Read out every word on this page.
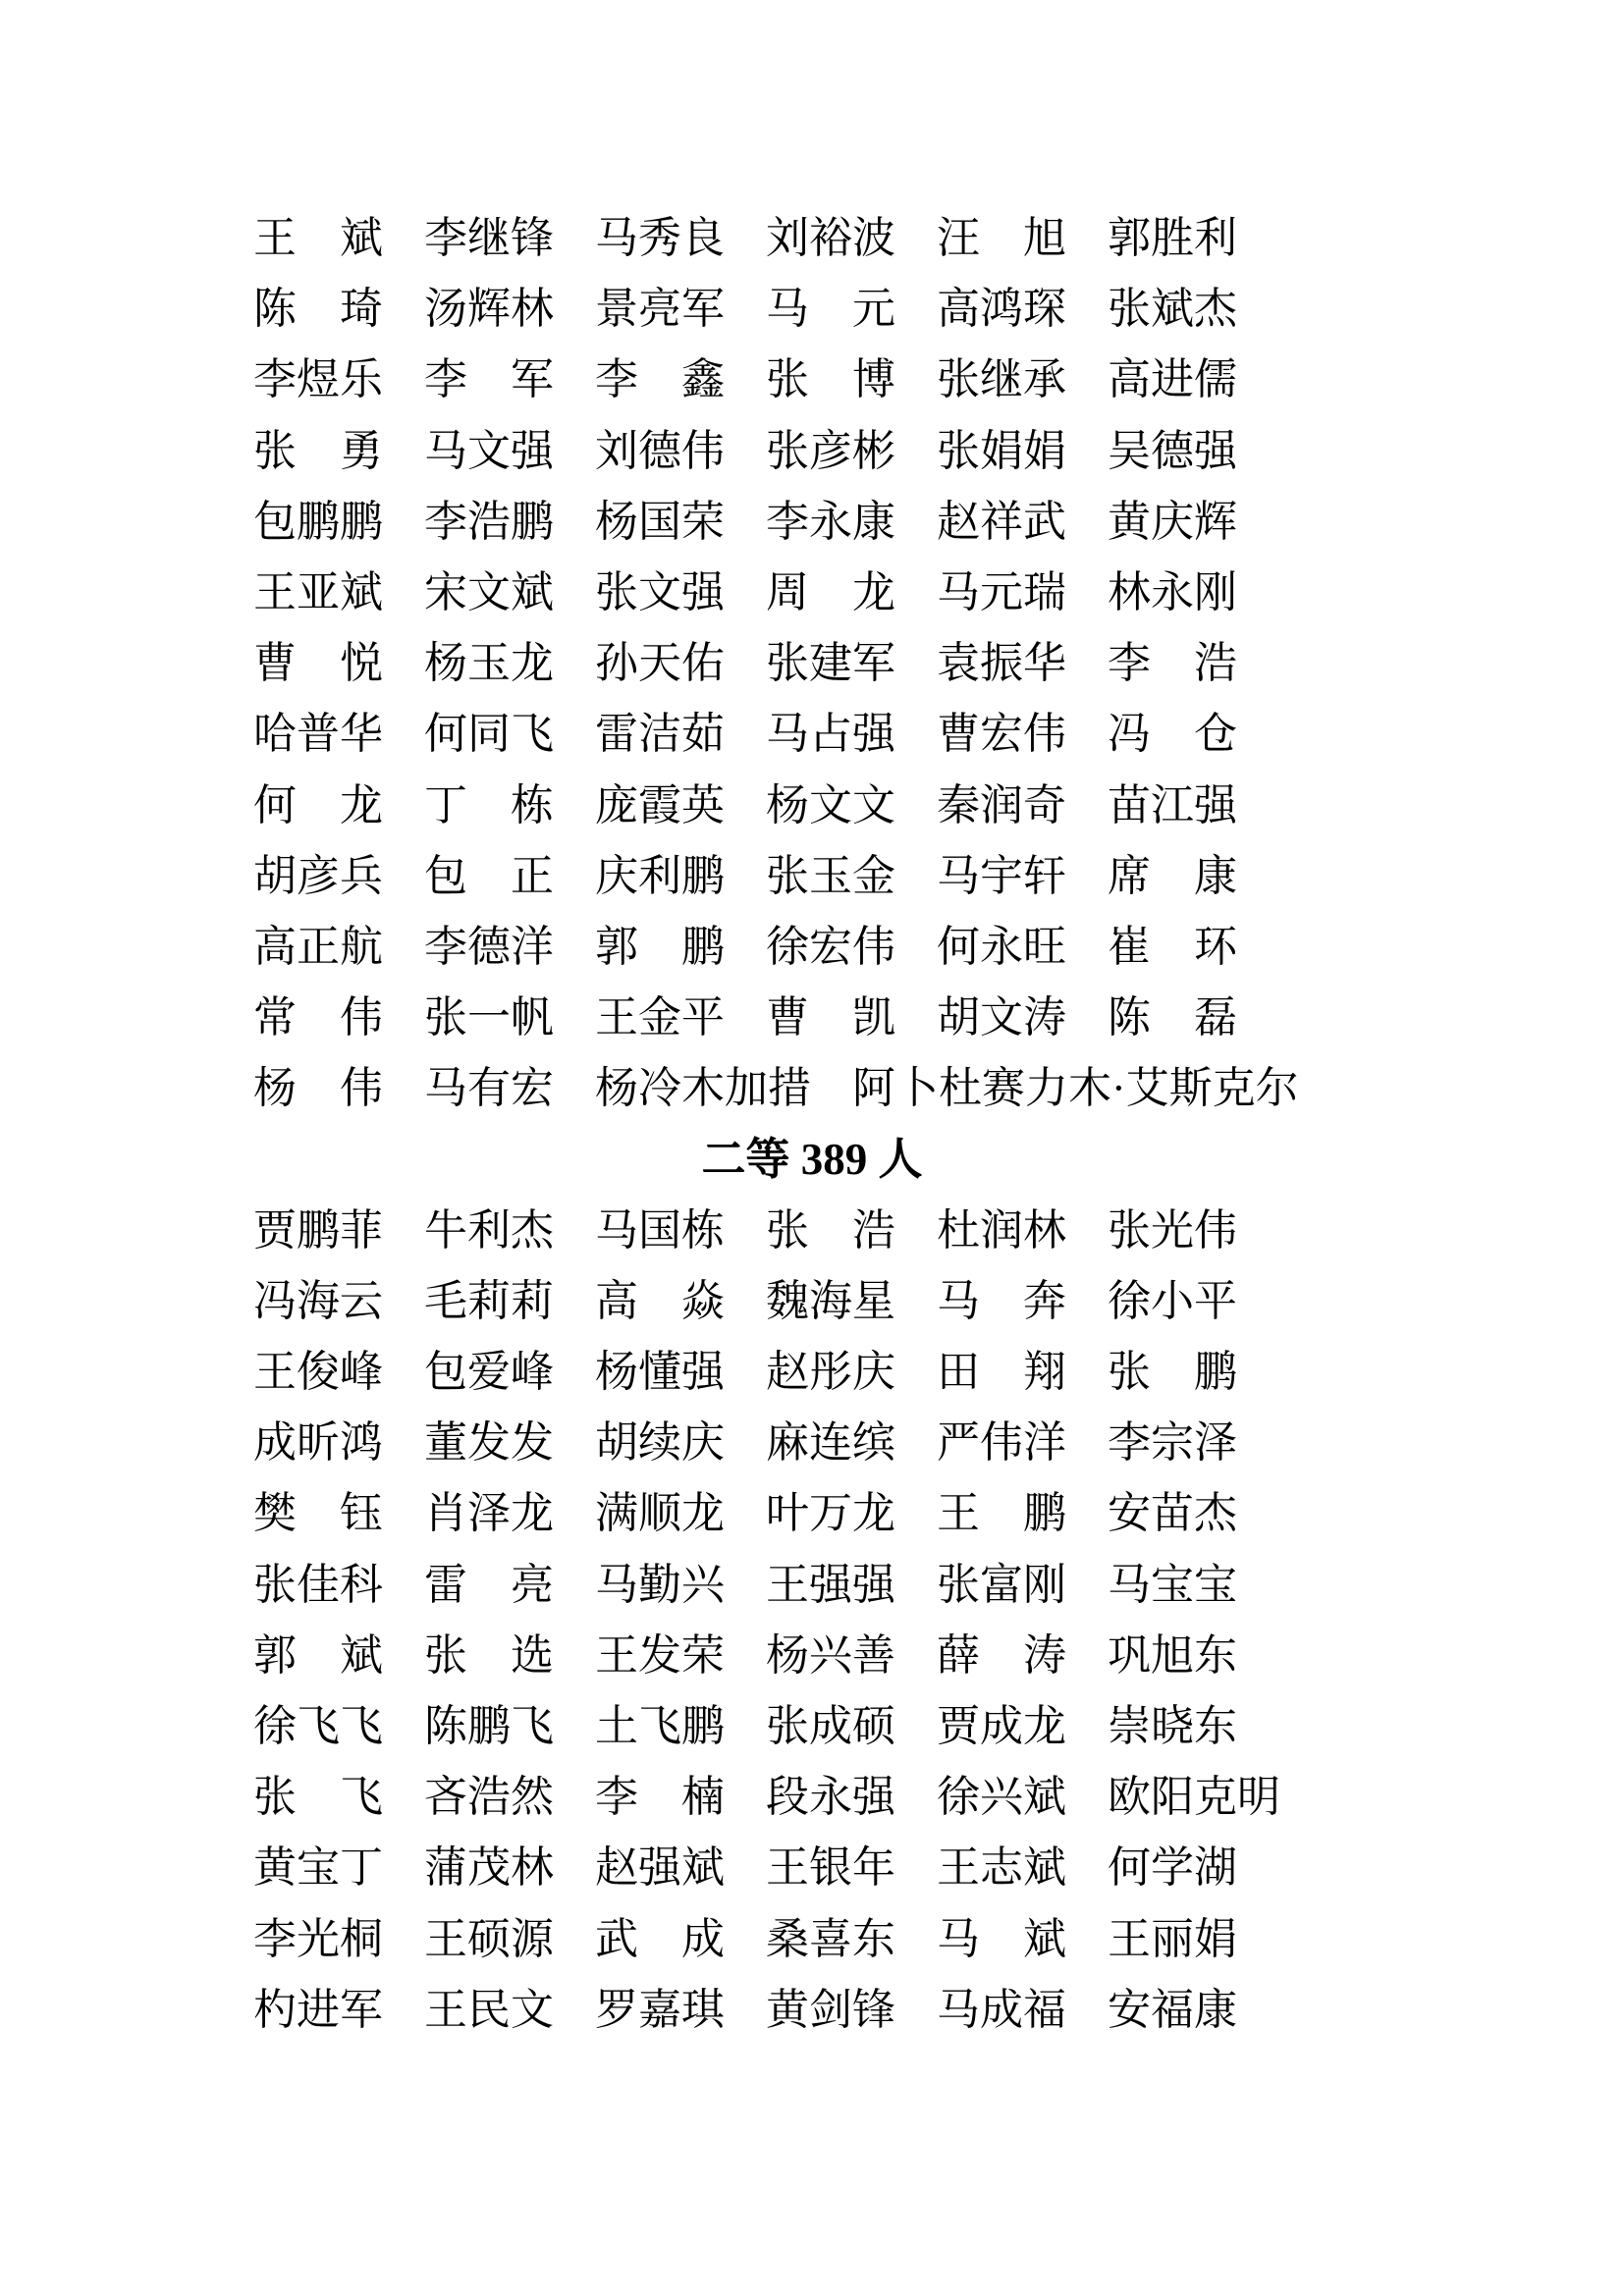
王 斌 李继锋 马秀良 刘裕波 汪 旭 郭胜利
陈 琦 汤辉林 景亮军 马 元 高鸿琛 张斌杰
李煜乐 李 军 李 鑫 张 博 张继承 高进儒
张 勇 马文强 刘德伟 张彦彬 张娟娟 吴德强
包鹏鹏 李浩鹏 杨国荣 李永康 赵祥武 黄庆辉
王亚斌 宋文斌 张文强 周 龙 马元瑞 林永刚
曹 悦 杨玉龙 孙天佑 张建军 袁振华 李 浩
哈普华 何同飞 雷洁茹 马占强 曹宏伟 冯 仓
何 龙 丁 栋 庞霞英 杨文文 秦润奇 苗江强
胡彦兵 包 正 庆利鹏 张玉金 马宇轩 席 康
高正航 李德洋 郭 鹏 徐宏伟 何永旺 崔 环
常 伟 张一帆 王金平 曹 凯 胡文涛 陈 磊
杨 伟 马有宏 杨冷木加措 阿卜杜赛力木·艾斯克尔
二等 389 人
贾鹏菲 牛利杰 马国栋 张 浩 杜润林 张光伟
冯海云 毛莉莉 高 焱 魏海星 马 奔 徐小平
王俊峰 包爱峰 杨懂强 赵彤庆 田 翔 张 鹏
成昕鸿 董发发 胡续庆 麻连缤 严伟洋 李宗泽
樊 钰 肖泽龙 满顺龙 叶万龙 王 鹏 安苗杰
张佳科 雷 亮 马勤兴 王强强 张富刚 马宝宝
郭 斌 张 选 王发荣 杨兴善 薛 涛 巩旭东
徐飞飞 陈鹏飞 土飞鹏 张成硕 贾成龙 崇晓东
张 飞 吝浩然 李 楠 段永强 徐兴斌 欧阳克明
黄宝丁 蒲茂林 赵强斌 王银年 王志斌 何学湖
李光桐 王硕源 武 成 桑喜东 马 斌 王丽娟
杓进军 王民文 罗嘉琪 黄剑锋 马成福 安福康
